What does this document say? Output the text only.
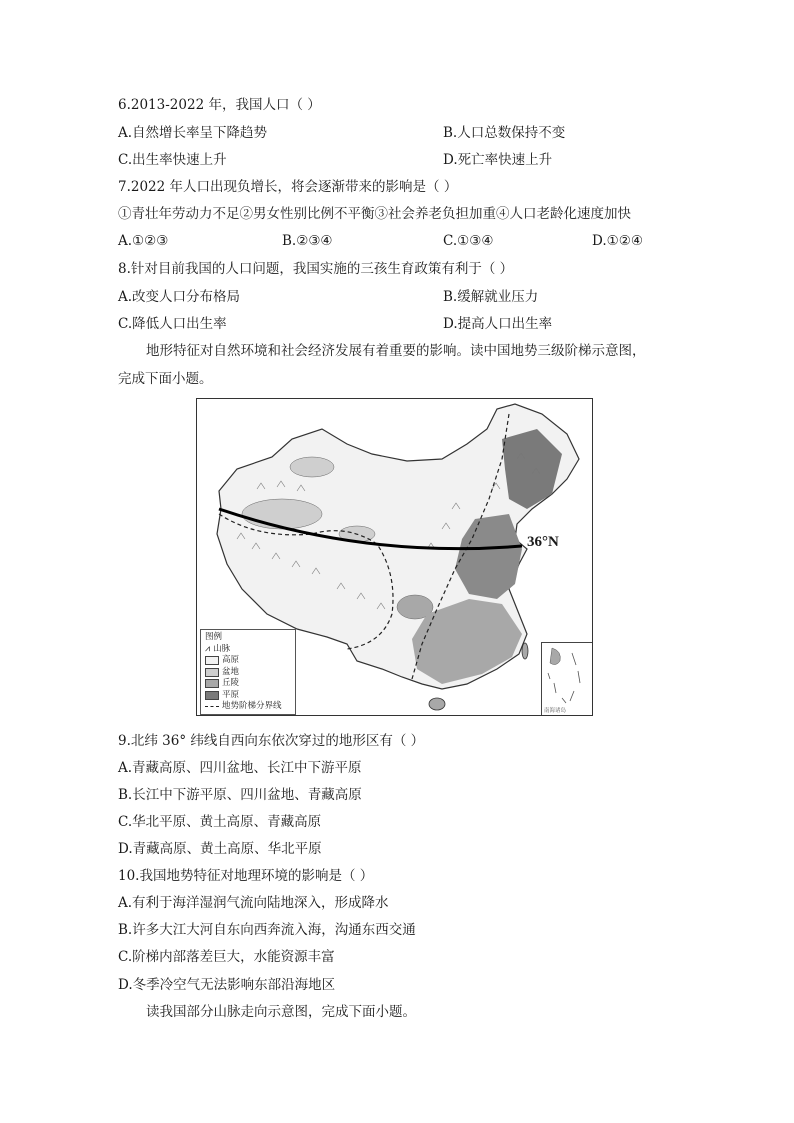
6.2013-2022 年，我国人口（ ）
A.自然增长率呈下降趋势	B.人口总数保持不变
C.出生率快速上升	D.死亡率快速上升
7.2022 年人口出现负增长，将会逐渐带来的影响是（ ）
①青壮年劳动力不足②男女性别比例不平衡③社会养老负担加重④人口老龄化速度加快
A.①②③	B.②③④	C.①③④	D.①②④
8.针对目前我国的人口问题，我国实施的三孩生育政策有利于（ ）
A.改变人口分布格局	B.缓解就业压力
C.降低人口出生率	D.提高人口出生率
地形特征对自然环境和社会经济发展有着重要的影响。读中国地势三级阶梯示意图，
完成下面小题。
36°N
图例
⩘ 山脉
高原
盆地
丘陵
平原
地势阶梯分界线	南海诸岛
9.北纬 36° 纬线自西向东依次穿过的地形区有（ ）
A.青藏高原、四川盆地、长江中下游平原
B.长江中下游平原、四川盆地、青藏高原
C.华北平原、黄土高原、青藏高原
D.青藏高原、黄土高原、华北平原
10.我国地势特征对地理环境的影响是（ ）
A.有利于海洋湿润气流向陆地深入，形成降水
B.许多大江大河自东向西奔流入海，沟通东西交通
C.阶梯内部落差巨大，水能资源丰富
D.冬季冷空气无法影响东部沿海地区
读我国部分山脉走向示意图，完成下面小题。
